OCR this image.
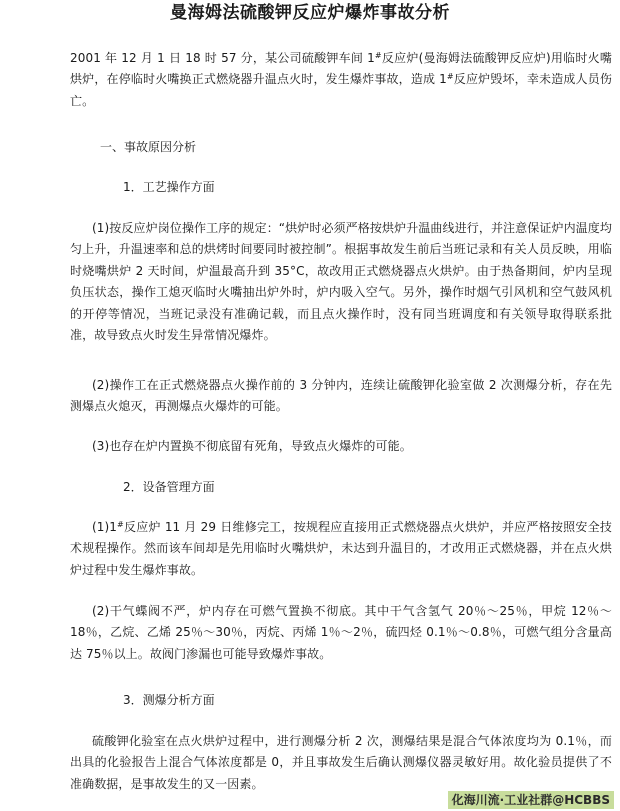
曼海姆法硫酸钾反应炉爆炸事故分析

2001 年 12 月 1 日 18 时 57 分，某公司硫酸钾车间 1#反应炉(曼海姆法硫酸钾反应炉)用临时火嘴烘炉，在停临时火嘴换正式燃烧器升温点火时，发生爆炸事故，造成 1#反应炉毁坏，幸未造成人员伤亡。

一、事故原因分析

1．工艺操作方面

(1)按反应炉岗位操作工序的规定：“烘炉时必须严格按烘炉升温曲线进行，并注意保证炉内温度均匀上升，升温速率和总的烘烤时间要同时被控制”。根据事故发生前后当班记录和有关人员反映，用临时烧嘴烘炉 2 天时间，炉温最高升到 35°C，故改用正式燃烧器点火烘炉。由于热备期间，炉内呈现负压状态，操作工熄灭临时火嘴抽出炉外时，炉内吸入空气。另外，操作时烟气引风机和空气鼓风机的开停等情况，当班记录没有准确记载，而且点火操作时，没有同当班调度和有关领导取得联系批准，故导致点火时发生异常情况爆炸。

(2)操作工在正式燃烧器点火操作前的 3 分钟内，连续让硫酸钾化验室做 2 次测爆分析，存在先测爆点火熄灭，再测爆点火爆炸的可能。

(3)也存在炉内置换不彻底留有死角，导致点火爆炸的可能。

2．设备管理方面

(1)1#反应炉 11 月 29 日维修完工，按规程应直接用正式燃烧器点火烘炉，并应严格按照安全技术规程操作。然而该车间却是先用临时火嘴烘炉，未达到升温目的，才改用正式燃烧器，并在点火烘炉过程中发生爆炸事故。

(2)干气蝶阀不严，炉内存在可燃气置换不彻底。其中干气含氢气 20％～25％，甲烷 12％～18％，乙烷、乙烯 25％～30％，丙烷、丙烯 1％～2％，硫四烃 0.1％～0.8％，可燃气组分含量高达 75％以上。故阀门渗漏也可能导致爆炸事故。

3．测爆分析方面

硫酸钾化验室在点火烘炉过程中，进行测爆分析 2 次，测爆结果是混合气体浓度均为 0.1％，而出具的化验报告上混合气体浓度都是 0，并且事故发生后确认测爆仪器灵敏好用。故化验员提供了不准确数据，是事故发生的又一因素。

化海川流·工业社群@HCBBS
